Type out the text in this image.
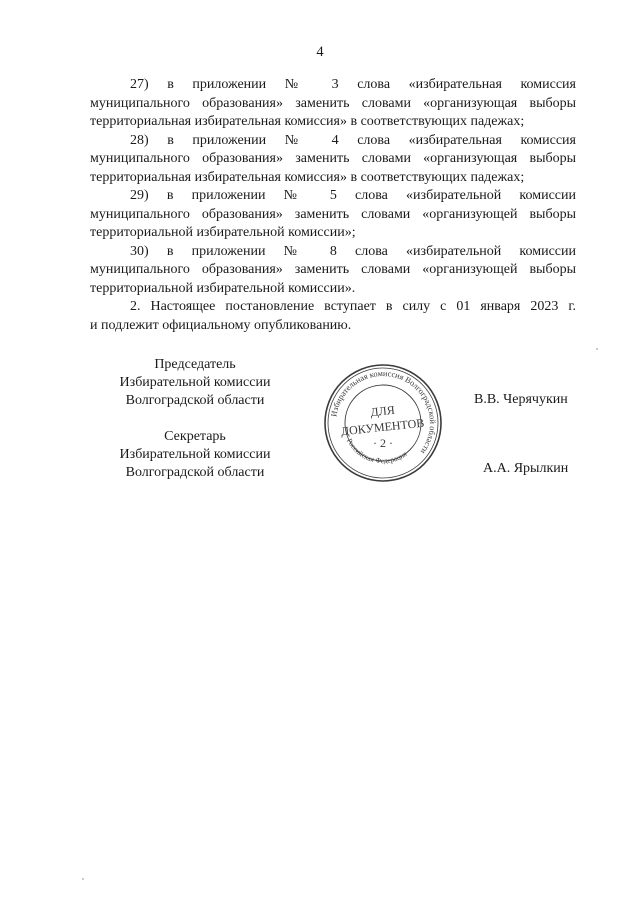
4

27) в приложении № 3 слова «избирательная комиссия

муниципального образования» заменить словами «организующая выборы территориальная избирательная комиссия» в соответствующих падежах;

28) в приложении № 4 слова «избирательная комиссия

муниципального образования» заменить словами «организующая выборы территориальная избирательная комиссия» в соответствующих падежах;

29) в приложении № 5 слова «избирательной комиссии

муниципального образования» заменить словами «организующей выборы территориальной избирательной комиссии»;

30) в приложении № 8 слова «избирательной комиссии

муниципального образования» заменить словами «организующей выборы территориальной избирательной комиссии».

2. Настоящее постановление вступает в силу с 01 января 2023 г.

и подлежит официальному опубликованию.

Председатель
Избирательной комиссии
Волгоградской области	В.В. Черячукин
Секретарь
Избирательной комиссии
Волгоградской области	А.А. Ярылкин
Избирательная комиссия Волгоградской области
Российская Федерация
ДЛЯ
ДОКУМЕНТОВ
· 2 ·
